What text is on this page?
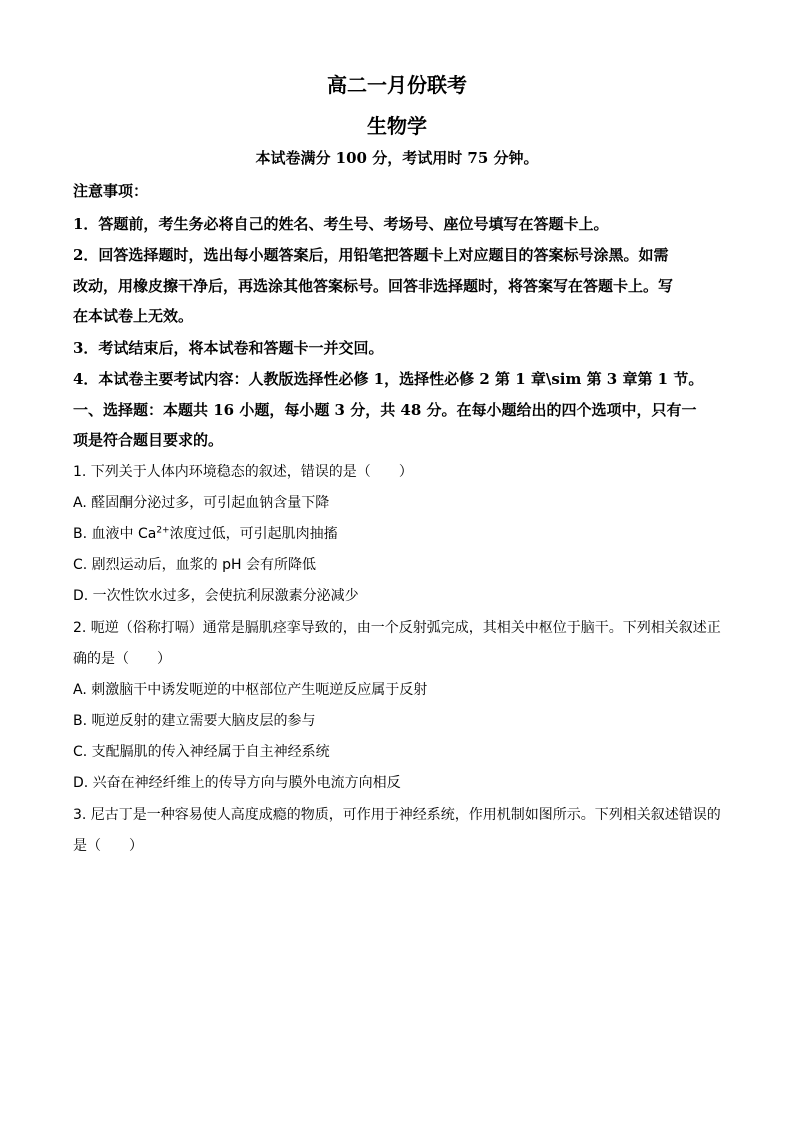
高二一月份联考
生物学
本试卷满分 100 分，考试用时 75 分钟。
注意事项：
1．答题前，考生务必将自己的姓名、考生号、考场号、座位号填写在答题卡上。
2．回答选择题时，选出每小题答案后，用铅笔把答题卡上对应题目的答案标号涂黑。如需
改动，用橡皮擦干净后，再选涂其他答案标号。回答非选择题时，将答案写在答题卡上。写
在本试卷上无效。
3．考试结束后，将本试卷和答题卡一并交回。
4．本试卷主要考试内容：人教版选择性必修 1，选择性必修 2 第 1 章\sim 第 3 章第 1 节。
一、选择题：本题共 16 小题，每小题 3 分，共 48 分。在每小题给出的四个选项中，只有一
项是符合题目要求的。
1. 下列关于人体内环境稳态的叙述，错误的是（ ）
A. 醛固酮分泌过多，可引起血钠含量下降
B. 血液中 $Ca^{2+}$浓度过低，可引起肌肉抽搐
C. 剧烈运动后，血浆的 pH 会有所降低
D. 一次性饮水过多，会使抗利尿激素分泌减少
2. 呃逆（俗称打嗝）通常是膈肌痉挛导致的，由一个反射弧完成，其相关中枢位于脑干。下列相关叙述正
确的是（ ）
A. 刺激脑干中诱发呃逆的中枢部位产生呃逆反应属于反射
B. 呃逆反射的建立需要大脑皮层的参与
C. 支配膈肌的传入神经属于自主神经系统
D. 兴奋在神经纤维上的传导方向与膜外电流方向相反
3. 尼古丁是一种容易使人高度成瘾的物质，可作用于神经系统，作用机制如图所示。下列相关叙述错误的
是（ ）
